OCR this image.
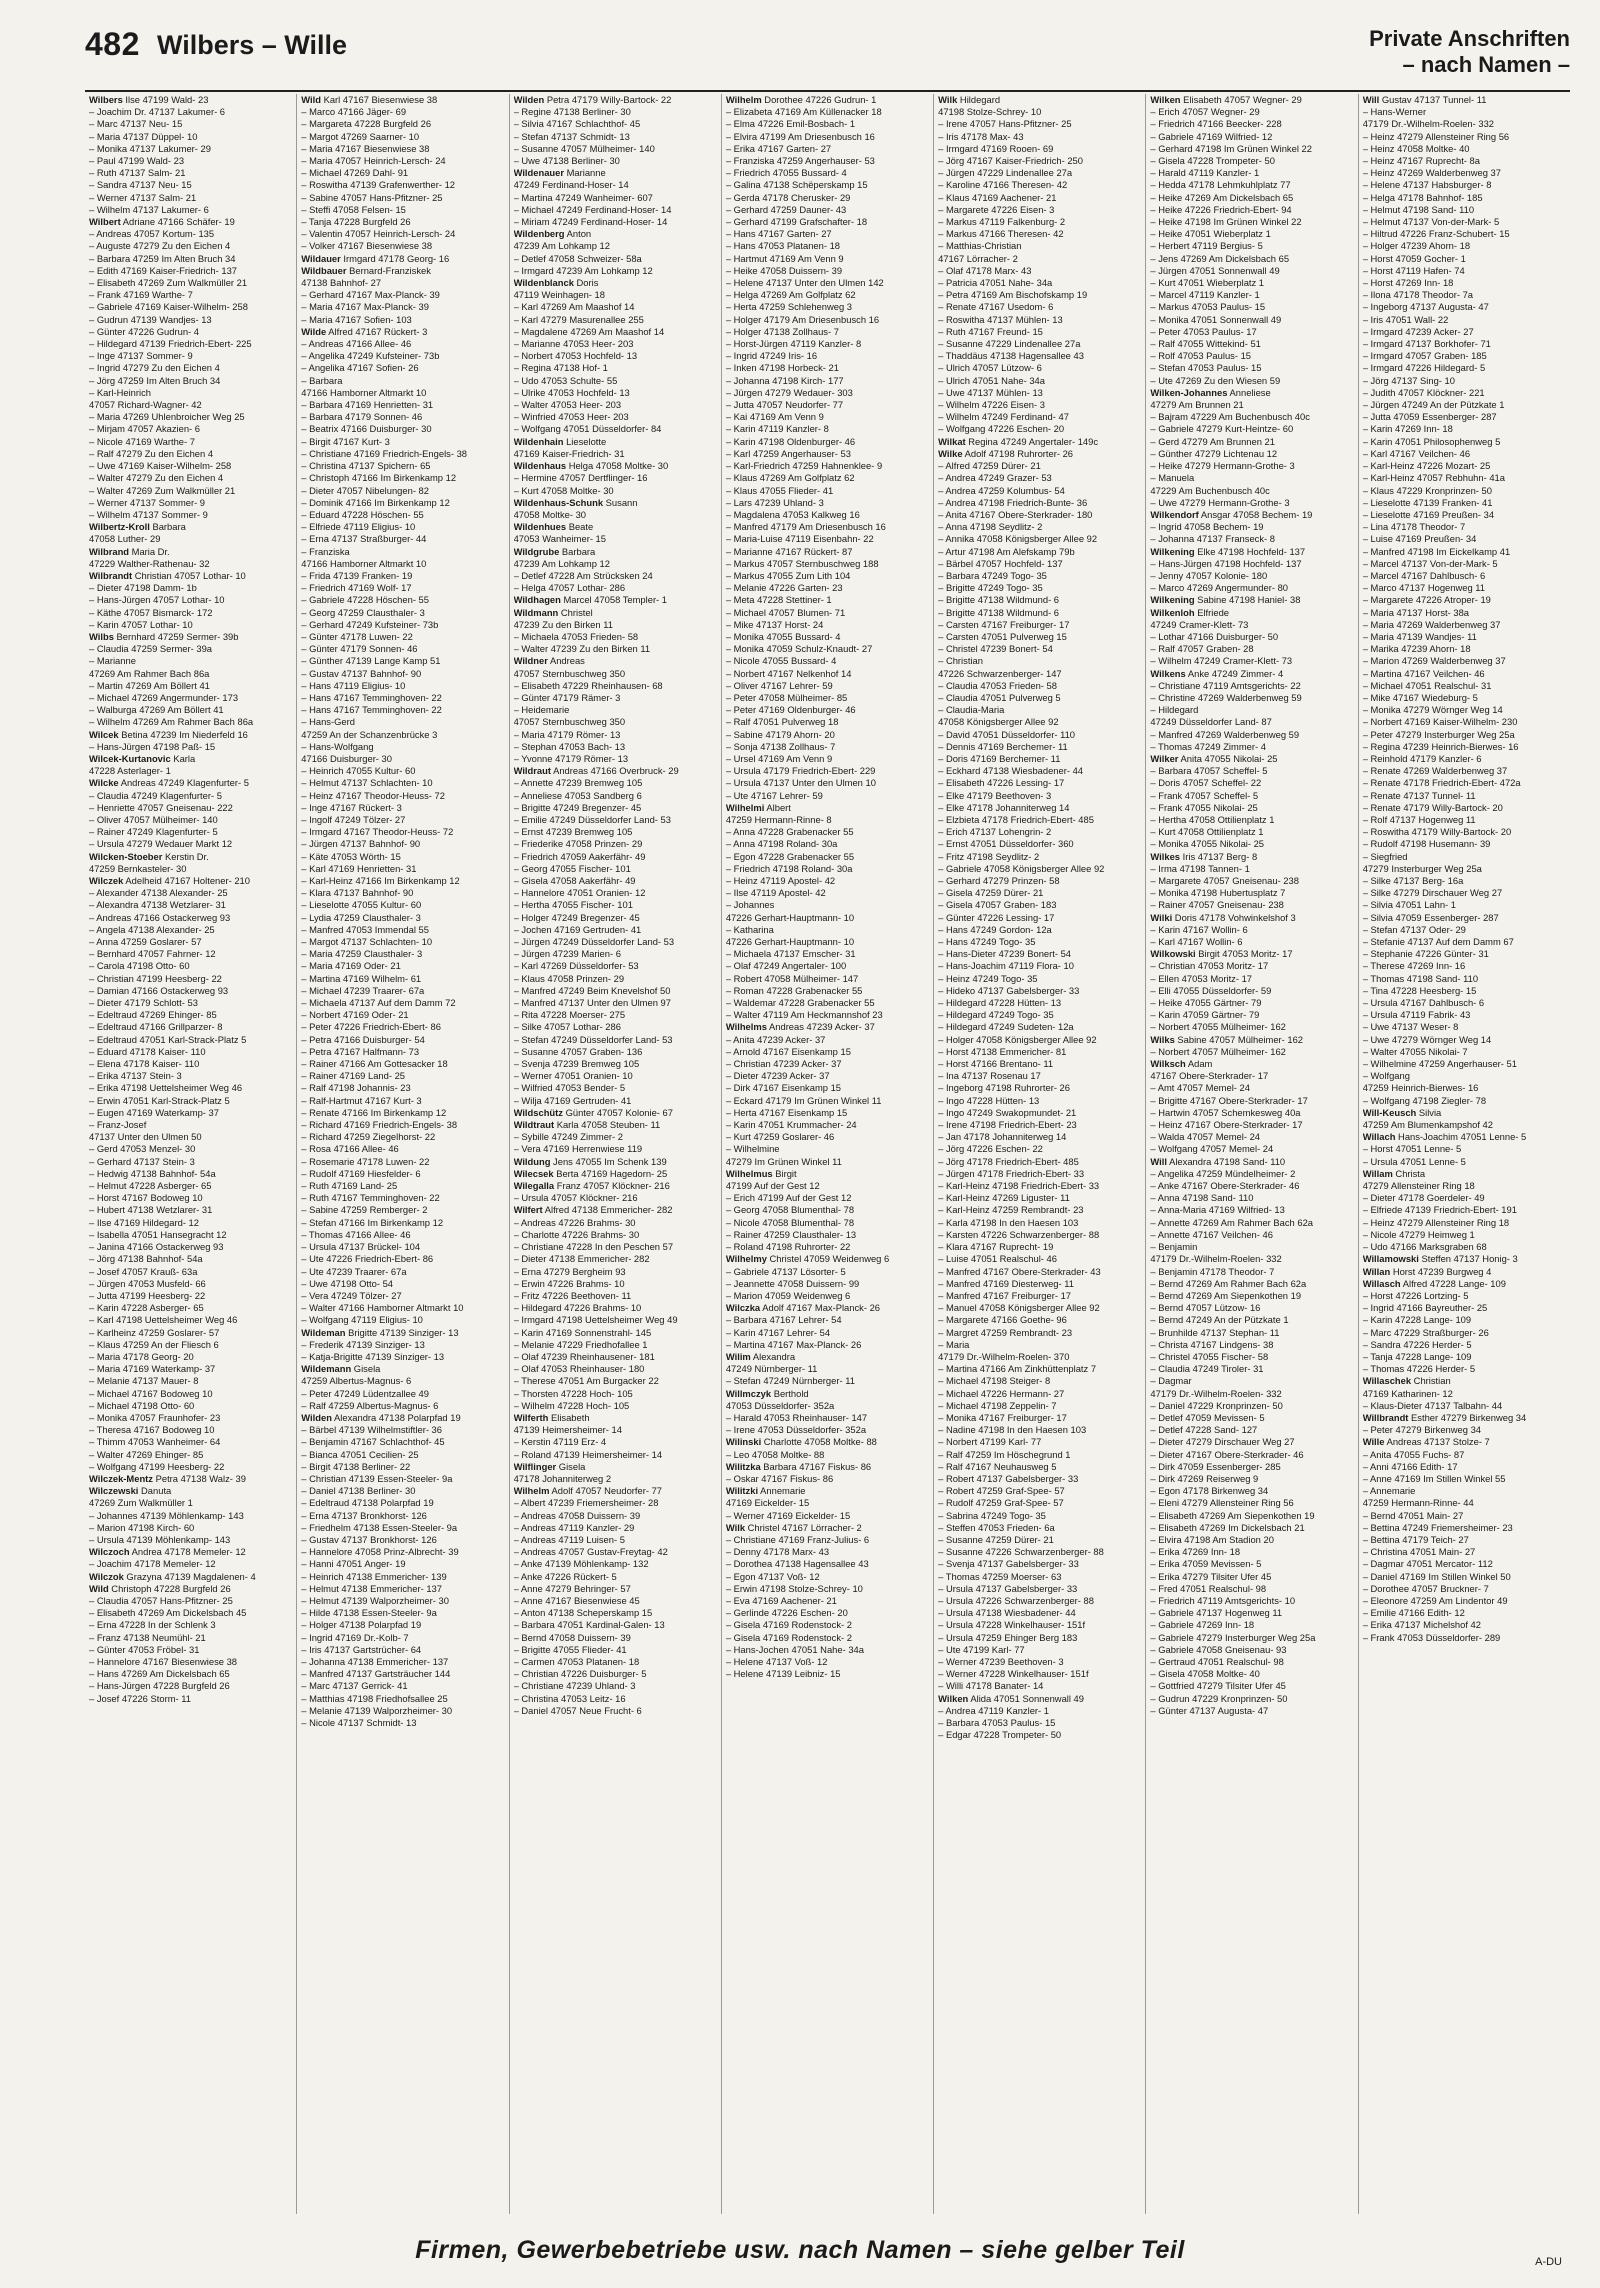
482 Wilbers – Wille	Private Anschriften
– nach Namen –
Wilbers Ilse 47199 Wald- 23
– Joachim Dr. 47137 Lakumer- 6
– Marc 47137 Neu- 15
– Maria 47137 Düppel- 10
– Monika 47137 Lakumer- 29
– Paul 47199 Wald- 23
– Ruth 47137 Salm- 21
– Sandra 47137 Neu- 15
– Werner 47137 Salm- 21
– Wilhelm 47137 Lakumer- 6
Wilbert Adriane 47166 Schäfer- 19
– Andreas 47057 Kortum- 135
– Auguste 47279 Zu den Eichen 4
– Barbara 47259 Im Alten Bruch 34
– Edith 47169 Kaiser-Friedrich- 137
– Elisabeth 47269 Zum Walkmüller 21
– Frank 47169 Warthe- 7
– Gabriele 47169 Kaiser-Wilhelm- 258
– Gudrun 47139 Wandjes- 13
– Günter 47226 Gudrun- 4
– Hildegard 47139 Friedrich-Ebert- 225
– Inge 47137 Sommer- 9
– Ingrid 47279 Zu den Eichen 4
– Jörg 47259 Im Alten Bruch 34
– Karl-Heinrich
47057 Richard-Wagner- 42
– Maria 47269 Uhlenbroicher Weg 25
– Mirjam 47057 Akazien- 6
– Nicole 47169 Warthe- 7
– Ralf 47279 Zu den Eichen 4
– Uwe 47169 Kaiser-Wilhelm- 258
– Walter 47279 Zu den Eichen 4
– Walter 47269 Zum Walkmüller 21
– Werner 47137 Sommer- 9
– Wilhelm 47137 Sommer- 9
Wilbertz-Kroll Barbara
47058 Luther- 29
Wilbrand Maria Dr.
47229 Walther-Rathenau- 32
Wilbrandt Christian 47057 Lothar- 10
– Dieter 47198 Damm- 1b
– Hans-Jürgen 47057 Lothar- 10
– Käthe 47057 Bismarck- 172
– Karin 47057 Lothar- 10
Wilbs Bernhard 47259 Sermer- 39b
– Claudia 47259 Sermer- 39a
– Marianne
47269 Am Rahmer Bach 86a
– Martin 47269 Am Böllert 41
– Michael 47269 Angermunder- 173
– Walburga 47269 Am Böllert 41
– Wilhelm 47269 Am Rahmer Bach 86a
Wilcek Betina 47239 Im Niederfeld 16
– Hans-Jürgen 47198 Paß- 15
Wilcek-Kurtanovic Karla
47228 Asterlager- 1
Wilcke Andreas 47249 Klagenfurter- 5
– Claudia 47249 Klagenfurter- 5
– Henriette 47057 Gneisenau- 222
– Oliver 47057 Mülheimer- 140
– Rainer 47249 Klagenfurter- 5
– Ursula 47279 Wedauer Markt 12
Wilcken-Stoeber Kerstin Dr.
47259 Bernkasteler- 30
Wilczek Adelheid 47167 Holtener- 210
– Alexander 47138 Alexander- 25
– Alexandra 47138 Wetzlarer- 31
– Andreas 47166 Ostackerweg 93
– Angela 47138 Alexander- 25
– Anna 47259 Goslarer- 57
– Bernhard 47057 Fahrner- 12
– Carola 47198 Otto- 60
– Christian 47199 Heesberg- 22
– Damian 47166 Ostackerweg 93
– Dieter 47179 Schlott- 53
– Edeltraud 47269 Ehinger- 85
– Edeltraud 47166 Grillparzer- 8
– Edeltraud 47051 Karl-Strack-Platz 5
– Eduard 47178 Kaiser- 110
– Elena 47178 Kaiser- 110
– Erika 47137 Stein- 3
– Erika 47198 Uettelsheimer Weg 46
– Erwin 47051 Karl-Strack-Platz 5
– Eugen 47169 Waterkamp- 37
– Franz-Josef
47137 Unter den Ulmen 50
– Gerd 47053 Menzel- 30
– Gerhard 47137 Stein- 3
– Hedwig 47138 Bahnhof- 54a
– Helmut 47228 Asberger- 65
– Horst 47167 Bodoweg 10
– Hubert 47138 Wetzlarer- 31
– Ilse 47169 Hildegard- 12
– Isabella 47051 Hansegracht 12
– Janina 47166 Ostackerweg 93
– Jörg 47138 Bahnhof- 54a
– Josef 47057 Krauß- 63a
– Jürgen 47053 Musfeld- 66
– Jutta 47199 Heesberg- 22
– Karin 47228 Asberger- 65
– Karl 47198 Uettelsheimer Weg 46
– Karlheinz 47259 Goslarer- 57
– Klaus 47259 An der Fliesch 6
– Maria 47178 Georg- 20
– Maria 47169 Waterkamp- 37
– Melanie 47137 Mauer- 8
– Michael 47167 Bodoweg 10
– Michael 47198 Otto- 60
– Monika 47057 Fraunhofer- 23
– Theresa 47167 Bodoweg 10
– Thimm 47053 Wanheimer- 64
– Walter 47269 Ehinger- 85
– Wolfgang 47199 Heesberg- 22
Wilczek-Mentz Petra 47138 Walz- 39
Wilczewski Danuta
47269 Zum Walkmüller 1
– Johannes 47139 Möhlenkamp- 143
– Marion 47198 Kirch- 60
– Ursula 47139 Möhlenkamp- 143
Wilczoch Andrea 47178 Memeler- 12
– Joachim 47178 Memeler- 12
Wilczok Grazyna 47139 Magdalenen- 4
Wild Christoph 47228 Burgfeld 26
– Claudia 47057 Hans-Pfitzner- 25
– Elisabeth 47269 Am Dickelsbach 45
– Erna 47228 In der Schlenk 3
– Franz 47138 Neumühl- 21
– Günter 47053 Fröbel- 31
– Hannelore 47167 Biesenwiese 38
– Hans 47269 Am Dickelsbach 65
– Hans-Jürgen 47228 Burgfeld 26
– Josef 47226 Storm- 11
Wild Karl 47167 Biesenwiese 38
– Marco 47166 Jäger- 69
– Margareta 47228 Burgfeld 26
– Margot 47269 Saarner- 10
– Maria 47167 Biesenwiese 38
– Maria 47057 Heinrich-Lersch- 24
– Michael 47269 Dahl- 91
– Roswitha 47139 Grafenwerther- 12
– Sabine 47057 Hans-Pfitzner- 25
– Steffi 47058 Felsen- 15
– Tanja 47228 Burgfeld 26
– Valentin 47057 Heinrich-Lersch- 24
– Volker 47167 Biesenwiese 38
Wildauer Irmgard 47178 Georg- 16
Wildbauer Bernard-Franziskek
47138 Bahnhof- 27
– Gerhard 47167 Max-Planck- 39
– Maria 47167 Max-Planck- 39
– Maria 47167 Sofien- 103
Wilde Alfred 47167 Rückert- 3
– Andreas 47166 Allee- 46
– Angelika 47249 Kufsteiner- 73b
– Angelika 47167 Sofien- 26
– Barbara
47166 Hamborner Altmarkt 10
– Barbara 47169 Henrietten- 31
– Barbara 47179 Sonnen- 46
– Beatrix 47166 Duisburger- 30
– Birgit 47167 Kurt- 3
– Christiane 47169 Friedrich-Engels- 38
– Christina 47137 Spichern- 65
– Christoph 47166 Im Birkenkamp 12
– Dieter 47057 Nibelungen- 82
– Dominik 47166 Im Birkenkamp 12
– Eduard 47228 Höschen- 55
– Elfriede 47119 Eligius- 10
– Erna 47137 Straßburger- 44
– Franziska
47166 Hamborner Altmarkt 10
– Frida 47139 Franken- 19
– Friedrich 47169 Wolf- 17
– Gabriele 47228 Höschen- 55
– Georg 47259 Clausthaler- 3
– Gerhard 47249 Kufsteiner- 73b
– Günter 47178 Luwen- 22
– Günter 47179 Sonnen- 46
– Günther 47139 Lange Kamp 51
– Gustav 47137 Bahnhof- 90
– Hans 47119 Eligius- 10
– Hans 47167 Temminghoven- 22
– Hans 47167 Temminghoven- 22
– Hans-Gerd
47259 An der Schanzenbrücke 3
– Hans-Wolfgang
47166 Duisburger- 30
– Heinrich 47055 Kultur- 60
– Helmut 47137 Schlachten- 10
– Heinz 47167 Theodor-Heuss- 72
– Inge 47167 Rückert- 3
– Ingolf 47249 Tölzer- 27
– Irmgard 47167 Theodor-Heuss- 72
– Jürgen 47137 Bahnhof- 90
– Käte 47053 Wörth- 15
– Karl 47169 Henrietten- 31
– Karl-Heinz 47166 Im Birkenkamp 12
– Klara 47137 Bahnhof- 90
– Lieselotte 47055 Kultur- 60
– Lydia 47259 Clausthaler- 3
– Manfred 47053 Immendal 55
– Margot 47137 Schlachten- 10
– Maria 47259 Clausthaler- 3
– Maria 47169 Oder- 21
– Martina 47169 Wilhelm- 61
– Michael 47239 Traarer- 67a
– Michaela 47137 Auf dem Damm 72
– Norbert 47169 Oder- 21
– Peter 47226 Friedrich-Ebert- 86
– Petra 47166 Duisburger- 54
– Petra 47167 Halfmann- 73
– Rainer 47166 Am Gottesacker 18
– Rainer 47169 Land- 25
– Ralf 47198 Johannis- 23
– Ralf-Hartmut 47167 Kurt- 3
– Renate 47166 Im Birkenkamp 12
– Richard 47169 Friedrich-Engels- 38
– Richard 47259 Ziegelhorst- 22
– Rosa 47166 Allee- 46
– Rosemarie 47178 Luwen- 22
– Rudolf 47169 Hiesfelder- 6
– Ruth 47169 Land- 25
– Ruth 47167 Temminghoven- 22
– Sabine 47259 Remberger- 2
– Stefan 47166 Im Birkenkamp 12
– Thomas 47166 Allee- 46
– Ursula 47137 Brückel- 104
– Ute 47226 Friedrich-Ebert- 86
– Ute 47239 Traarer- 67a
– Uwe 47198 Otto- 54
– Vera 47249 Tölzer- 27
– Walter 47166 Hamborner Altmarkt 10
– Wolfgang 47119 Eligius- 10
Wildeman Brigitte 47139 Sinziger- 13
– Frederik 47139 Sinziger- 13
– Katja-Brigitte 47139 Sinziger- 13
Wildemann Gisela
47259 Albertus-Magnus- 6
– Peter 47249 Lüdentzallee 49
– Ralf 47259 Albertus-Magnus- 6
Wilden Alexandra 47138 Polarpfad 19
– Bärbel 47139 Wilhelmstiftler- 36
– Benjamin 47167 Schlachthof- 45
– Bianca 47051 Cecilien- 25
– Birgit 47138 Berliner- 22
– Christian 47139 Essen-Steeler- 9a
– Daniel 47138 Berliner- 30
– Edeltraud 47138 Polarpfad 19
– Erna 47137 Bronkhorst- 126
– Friedhelm 47138 Essen-Steeler- 9a
– Gustav 47137 Bronkhorst- 126
– Hannelore 47058 Prinz-Albrecht- 39
– Hanni 47051 Anger- 19
– Heinrich 47138 Emmericher- 139
– Helmut 47138 Emmericher- 137
– Helmut 47139 Walporzheimer- 30
– Hilde 47138 Essen-Steeler- 9a
– Holger 47138 Polarpfad 19
– Ingrid 47169 Dr.-Kolb- 7
– Iris 47137 Gartstrücher- 64
– Johanna 47138 Emmericher- 137
– Manfred 47137 Gartsträucher 144
– Marc 47137 Gerrick- 41
– Matthias 47198 Friedhofsallee 25
– Melanie 47139 Walporzheimer- 30
– Nicole 47137 Schmidt- 13
Wilden Petra 47179 Willy-Bartock- 22
– Regine 47138 Berliner- 30
– Silvia 47167 Schlachthof- 45
– Stefan 47137 Schmidt- 13
– Susanne 47057 Mülheimer- 140
– Uwe 47138 Berliner- 30
Wildenauer Marianne
47249 Ferdinand-Hoser- 14
– Martina 47249 Wanheimer- 607
– Michael 47249 Ferdinand-Hoser- 14
– Miriam 47249 Ferdinand-Hoser- 14
Wildenberg Anton
47239 Am Lohkamp 12
– Detlef 47058 Schweizer- 58a
– Irmgard 47239 Am Lohkamp 12
Wildenblanck Doris
47119 Weinhagen- 18
– Karl 47269 Am Maashof 14
– Karl 47279 Masurenallee 255
– Magdalene 47269 Am Maashof 14
– Marianne 47053 Heer- 203
– Norbert 47053 Hochfeld- 13
– Regina 47138 Hof- 1
– Udo 47053 Schulte- 55
– Ulrike 47053 Hochfeld- 13
– Walter 47053 Heer- 203
– Winfried 47053 Heer- 203
– Wolfgang 47051 Düsseldorfer- 84
Wildenhain Lieselotte
47169 Kaiser-Friedrich- 31
Wildenhaus Helga 47058 Moltke- 30
– Hermine 47057 Dertflinger- 16
– Kurt 47058 Moltke- 30
Wildenhaus-Schunk Susann
47058 Moltke- 30
Wildenhues Beate
47053 Wanheimer- 15
Wildgrube Barbara
47239 Am Lohkamp 12
– Detlef 47228 Am Strücksken 24
– Helga 47057 Lothar- 286
Wildhagen Marcel 47058 Templer- 1
Wildmann Christel
47239 Zu den Birken 11
– Michaela 47053 Frieden- 58
– Walter 47239 Zu den Birken 11
Wildner Andreas
47057 Sternbuschweg 350
– Elisabeth 47229 Rheinhausen- 68
– Günter 47179 Rämer- 3
– Heidemarie
47057 Sternbuschweg 350
– Maria 47179 Römer- 13
– Stephan 47053 Bach- 13
– Yvonne 47179 Römer- 13
Wildraut Andreas 47166 Overbruck- 29
– Annette 47239 Bremweg 105
– Anneliese 47053 Sandberg 6
– Brigitte 47249 Bregenzer- 45
– Emilie 47249 Düsseldorfer Land- 53
– Ernst 47239 Bremweg 105
– Friederike 47058 Prinzen- 29
– Friedrich 47059 Aakerfähr- 49
– Georg 47055 Fischer- 101
– Gisela 47058 Aakerfähr- 49
– Hannelore 47051 Oranien- 12
– Hertha 47055 Fischer- 101
– Holger 47249 Bregenzer- 45
– Jochen 47169 Gertruden- 41
– Jürgen 47249 Düsseldorfer Land- 53
– Jürgen 47239 Marien- 6
– Karl 47269 Düsseldorfer- 53
– Klaus 47058 Prinzen- 29
– Manfred 47249 Beim Knevelshof 50
– Manfred 47137 Unter den Ulmen 97
– Rita 47228 Moerser- 275
– Silke 47057 Lothar- 286
– Stefan 47249 Düsseldorfer Land- 53
– Susanne 47057 Graben- 136
– Svenja 47239 Bremweg 105
– Werner 47051 Oranien- 10
– Wilfried 47053 Bender- 5
– Wilja 47169 Gertruden- 41
Wildschütz Günter 47057 Kolonie- 67
Wildtraut Karla 47058 Steuben- 11
– Sybille 47249 Zimmer- 2
– Vera 47169 Herrenwiese 119
Wildung Jens 47055 Im Schenk 139
Wilecsek Berta 47169 Hagedorn- 25
Wilegalla Franz 47057 Klöckner- 216
– Ursula 47057 Klöckner- 216
Wilfert Alfred 47138 Emmericher- 282
– Andreas 47226 Brahms- 30
– Charlotte 47226 Brahms- 30
– Christiane 47228 In den Peschen 57
– Dieter 47138 Emmericher- 282
– Erna 47279 Bergheim 93
– Erwin 47226 Brahms- 10
– Fritz 47226 Beethoven- 11
– Hildegard 47226 Brahms- 10
– Irmgard 47198 Uettelsheimer Weg 49
– Karin 47169 Sonnenstrahl- 145
– Melanie 47229 Friedhofallee 1
– Olaf 47239 Rheinhausener- 181
– Olaf 47053 Rheinhauser- 180
– Therese 47051 Am Burgacker 22
– Thorsten 47228 Hoch- 105
– Wilhelm 47228 Hoch- 105
Wilferth Elisabeth
47139 Heimersheimer- 14
– Kerstin 47119 Erz- 4
– Roland 47139 Heimersheimer- 14
Wilflinger Gisela
47178 Johanniterweg 2
Wilhelm Adolf 47057 Neudorfer- 77
– Albert 47239 Friemersheimer- 28
– Andreas 47058 Duissern- 39
– Andreas 47119 Kanzler- 29
– Andreas 47119 Luisen- 5
– Andreas 47057 Gustav-Freytag- 42
– Anke 47139 Möhlenkamp- 132
– Anke 47226 Rückert- 5
– Anne 47279 Behringer- 57
– Anne 47167 Biesenwiese 45
– Anton 47138 Scheperskamp 15
– Barbara 47051 Kardinal-Galen- 13
– Bernd 47058 Duissern- 39
– Brigitte 47055 Flieder- 41
– Carmen 47053 Platanen- 18
– Christian 47226 Duisburger- 5
– Christiane 47239 Uhland- 3
– Christina 47053 Leitz- 16
– Daniel 47057 Neue Frucht- 6
Wilhelm Dorothee 47226 Gudrun- 1
– Elizabeta 47169 Am Küllenacker 18
– Elma 47226 Emil-Bosbach- 1
– Elvira 47199 Am Driesenbusch 16
– Erika 47167 Garten- 27
– Franziska 47259 Angerhauser- 53
– Friedrich 47055 Bussard- 4
– Galina 47138 Schëperskamp 15
– Gerda 47178 Cherusker- 29
– Gerhard 47259 Dauner- 43
– Gerhard 47199 Grafschafter- 18
– Hans 47167 Garten- 27
– Hans 47053 Platanen- 18
– Hartmut 47169 Am Venn 9
– Heike 47058 Duissern- 39
– Helene 47137 Unter den Ulmen 142
– Helga 47269 Am Golfplatz 62
– Herta 47259 Schlehenweg 3
– Holger 47179 Am Driesenbusch 16
– Holger 47138 Zollhaus- 7
– Horst-Jürgen 47119 Kanzler- 8
– Ingrid 47249 Iris- 16
– Inken 47198 Horbeck- 21
– Johanna 47198 Kirch- 177
– Jürgen 47279 Wedauer- 303
– Jutta 47057 Neudorfer- 77
– Kai 47169 Am Venn 9
– Karin 47119 Kanzler- 8
– Karin 47198 Oldenburger- 46
– Karl 47259 Angerhauser- 53
– Karl-Friedrich 47259 Hahnenklee- 9
– Klaus 47269 Am Golfplatz 62
– Klaus 47055 Flieder- 41
– Lars 47239 Uhland- 3
– Magdalena 47053 Kalkweg 16
– Manfred 47179 Am Driesenbusch 16
– Maria-Luise 47119 Eisenbahn- 22
– Marianne 47167 Rückert- 87
– Markus 47057 Sternbuschweg 188
– Markus 47055 Zum Lith 104
– Melanie 47226 Garten- 23
– Meta 47228 Stettiner- 1
– Michael 47057 Blumen- 71
– Mike 47137 Horst- 24
– Monika 47055 Bussard- 4
– Monika 47059 Schulz-Knaudt- 27
– Nicole 47055 Bussard- 4
– Norbert 47167 Nelkenhof 14
– Oliver 47167 Lehrer- 59
– Peter 47058 Mülheimer- 85
– Peter 47169 Oldenburger- 46
– Ralf 47051 Pulverweg 18
– Sabine 47179 Ahorn- 20
– Sonja 47138 Zollhaus- 7
– Ursel 47169 Am Venn 9
– Ursula 47179 Friedrich-Ebert- 229
– Ursula 47137 Unter den Ulmen 10
– Ute 47167 Lehrer- 59
Wilhelmi Albert
47259 Hermann-Rinne- 8
– Anna 47228 Grabenacker 55
– Anna 47198 Roland- 30a
– Egon 47228 Grabenacker 55
– Friedrich 47198 Roland- 30a
– Heinz 47119 Apostel- 42
– Ilse 47119 Apostel- 42
– Johannes
47226 Gerhart-Hauptmann- 10
– Katharina
47226 Gerhart-Hauptmann- 10
– Michaela 47137 Emscher- 31
– Olaf 47249 Angertaler- 100
– Robert 47058 Mülheimer- 147
– Roman 47228 Grabenacker 55
– Waldemar 47228 Grabenacker 55
– Walter 47119 Am Heckmannshof 23
Wilhelms Andreas 47239 Acker- 37
– Anita 47239 Acker- 37
– Arnold 47167 Eisenkamp 15
– Christian 47239 Acker- 37
– Dieter 47239 Acker- 37
– Dirk 47167 Eisenkamp 15
– Eckard 47179 Im Grünen Winkel 11
– Herta 47167 Eisenkamp 15
– Karin 47051 Krummacher- 24
– Kurt 47259 Goslarer- 46
– Wilhelmine
47279 Im Grünen Winkel 11
Wilhelmus Birgit
47199 Auf der Gest 12
– Erich 47199 Auf der Gest 12
– Georg 47058 Blumenthal- 78
– Nicole 47058 Blumenthal- 78
– Rainer 47259 Clausthaler- 13
– Roland 47198 Ruhrorter- 22
Wilhelmy Christel 47059 Weidenweg 6
– Gabriele 47137 Lösorter- 5
– Jeannette 47058 Duissern- 99
– Marion 47059 Weidenweg 6
Wilczka Adolf 47167 Max-Planck- 26
– Barbara 47167 Lehrer- 54
– Karin 47167 Lehrer- 54
– Martina 47167 Max-Planck- 26
Wilim Alexandra
47249 Nürnberger- 11
– Stefan 47249 Nürnberger- 11
Willmczyk Berthold
47053 Düsseldorfer- 352a
– Harald 47053 Rheinhauser- 147
– Irene 47053 Düsseldorfer- 352a
Wilinski Charlotte 47058 Moltke- 88
– Leo 47058 Moltke- 88
Wilitzka Barbara 47167 Fiskus- 86
– Oskar 47167 Fiskus- 86
Wilitzki Annemarie
47169 Eickelder- 15
– Werner 47169 Eickelder- 15
Wilk Christel 47167 Lörracher- 2
– Christiane 47169 Franz-Julius- 6
– Denny 47178 Marx- 43
– Dorothea 47138 Hagensallee 43
– Egon 47137 Voß- 12
– Erwin 47198 Stolze-Schrey- 10
– Eva 47169 Aachener- 21
– Gerlinde 47226 Eschen- 20
– Gisela 47169 Rodenstock- 2
– Gisela 47169 Rodenstock- 2
– Hans-Jochen 47051 Nahe- 34a
– Helene 47137 Voß- 12
– Helene 47139 Leibniz- 15
Wilk Hildegard
47198 Stolze-Schrey- 10
– Irene 47057 Hans-Pfitzner- 25
– Iris 47178 Max- 43
– Irmgard 47169 Rooen- 69
– Jörg 47167 Kaiser-Friedrich- 250
– Jürgen 47229 Lindenallee 27a
– Karoline 47166 Theresen- 42
– Klaus 47169 Aachener- 21
– Margarete 47226 Eisen- 3
– Markus 47119 Falkenburg- 2
– Markus 47166 Theresen- 42
– Matthias-Christian
47167 Lörracher- 2
– Olaf 47178 Marx- 43
– Patricia 47051 Nahe- 34a
– Petra 47169 Am Bischofskamp 19
– Renate 47167 Usedom- 6
– Roswitha 47137 Mühlen- 13
– Ruth 47167 Freund- 15
– Susanne 47229 Lindenallee 27a
– Thaddäus 47138 Hagensallee 43
– Ulrich 47057 Lützow- 6
– Ulrich 47051 Nahe- 34a
– Uwe 47137 Mühlen- 13
– Wilhelm 47226 Eisen- 3
– Wilhelm 47249 Ferdinand- 47
– Wolfgang 47226 Eschen- 20
Wilkat Regina 47249 Angertaler- 149c
Wilke Adolf 47198 Ruhrorter- 26
– Alfred 47259 Dürer- 21
– Andrea 47249 Grazer- 53
– Andrea 47259 Kolumbus- 54
– Andrea 47198 Friedrich-Bunte- 36
– Anita 47167 Obere-Sterkrader- 180
– Anna 47198 Seydlitz- 2
– Annika 47058 Königsberger Allee 92
– Artur 47198 Am Alefskamp 79b
– Bärbel 47057 Hochfeld- 137
– Barbara 47249 Togo- 35
– Brigitte 47249 Togo- 35
– Brigitte 47138 Wildmund- 6
– Brigitte 47138 Wildmund- 6
– Carsten 47167 Freiburger- 17
– Carsten 47051 Pulverweg 15
– Christel 47239 Bonert- 54
– Christian
47226 Schwarzenberger- 147
– Claudia 47053 Frieden- 58
– Claudia 47051 Pulverweg 5
– Claudia-Maria
47058 Königsberger Allee 92
– David 47051 Düsseldorfer- 110
– Dennis 47169 Berchemer- 11
– Doris 47169 Berchemer- 11
– Eckhard 47138 Wiesbadener- 44
– Elisabeth 47226 Lessing- 17
– Elke 47179 Beethoven- 3
– Elke 47178 Johanniterweg 14
– Elzbieta 47178 Friedrich-Ebert- 485
– Erich 47137 Lohengrin- 2
– Ernst 47051 Düsseldorfer- 360
– Fritz 47198 Seydlitz- 2
– Gabriele 47058 Königsberger Allee 92
– Gerhard 47279 Prinzen- 58
– Gisela 47259 Dürer- 21
– Gisela 47057 Graben- 183
– Günter 47226 Lessing- 17
– Hans 47249 Gordon- 12a
– Hans 47249 Togo- 35
– Hans-Dieter 47239 Bonert- 54
– Hans-Joachim 47119 Flora- 10
– Heinz 47249 Togo- 35
– Hideko 47137 Gabelsberger- 33
– Hildegard 47228 Hütten- 13
– Hildegard 47249 Togo- 35
– Hildegard 47249 Sudeten- 12a
– Holger 47058 Königsberger Allee 92
– Horst 47138 Emmericher- 81
– Horst 47166 Brentano- 11
– Ina 47137 Rosenau 17
– Ingeborg 47198 Ruhrorter- 26
– Ingo 47228 Hütten- 13
– Ingo 47249 Swakopmundet- 21
– Irene 47198 Friedrich-Ebert- 23
– Jan 47178 Johanniterweg 14
– Jörg 47226 Eschen- 22
– Jörg 47178 Friedrich-Ebert- 485
– Jürgen 47178 Friedrich-Ebert- 33
– Karl-Heinz 47198 Friedrich-Ebert- 33
– Karl-Heinz 47269 Liguster- 11
– Karl-Heinz 47259 Rembrandt- 23
– Karla 47198 In den Haesen 103
– Karsten 47226 Schwarzenberger- 88
– Klara 47167 Ruprecht- 19
– Luise 47051 Realschul- 46
– Manfred 47167 Obere-Sterkrader- 43
– Manfred 47169 Diesterweg- 11
– Manfred 47167 Freiburger- 17
– Manuel 47058 Königsberger Allee 92
– Margarete 47166 Goethe- 96
– Margret 47259 Rembrandt- 23
– Maria
47179 Dr.-Wilhelm-Roelen- 370
– Martina 47166 Am Zinkhüttenplatz 7
– Michael 47198 Steiger- 8
– Michael 47226 Hermann- 27
– Michael 47198 Zeppelin- 7
– Monika 47167 Freiburger- 17
– Nadine 47198 In den Haesen 103
– Norbert 47199 Karl- 77
– Ralf 47259 Im Höschegrund 1
– Ralf 47167 Neuhausweg 5
– Robert 47137 Gabelsberger- 33
– Robert 47259 Graf-Spee- 57
– Rudolf 47259 Graf-Spee- 57
– Sabrina 47249 Togo- 35
– Steffen 47053 Frieden- 6a
– Susanne 47259 Dürer- 21
– Susanne 47226 Schwarzenberger- 88
– Svenja 47137 Gabelsberger- 33
– Thomas 47259 Moerser- 63
– Ursula 47137 Gabelsberger- 33
– Ursula 47226 Schwarzenberger- 88
– Ursula 47138 Wiesbadener- 44
– Ursula 47228 Winkelhauser- 151f
– Ursula 47259 Ehinger Berg 183
– Ute 47199 Karl- 77
– Werner 47239 Beethoven- 3
– Werner 47228 Winkelhauser- 151f
– Willi 47178 Banater- 14
Wilken Alida 47051 Sonnenwall 49
– Andrea 47119 Kanzler- 1
– Barbara 47053 Paulus- 15
– Edgar 47228 Trompeter- 50
Wilken Elisabeth 47057 Wegner- 29
– Erich 47057 Wegner- 29
– Friedrich 47166 Beecker- 228
– Gabriele 47169 Wilfried- 12
– Gerhard 47198 Im Grünen Winkel 22
– Gisela 47228 Trompeter- 50
– Harald 47119 Kanzler- 1
– Hedda 47178 Lehmkuhlplatz 77
– Heike 47269 Am Dickelsbach 65
– Heike 47226 Friedrich-Ebert- 94
– Heike 47198 Im Grünen Winkel 22
– Heike 47051 Wieberplatz 1
– Herbert 47119 Bergius- 5
– Jens 47269 Am Dickelsbach 65
– Jürgen 47051 Sonnenwall 49
– Kurt 47051 Wieberplatz 1
– Marcel 47119 Kanzler- 1
– Markus 47053 Paulus- 15
– Monika 47051 Sonnenwall 49
– Peter 47053 Paulus- 17
– Ralf 47055 Wittekind- 51
– Rolf 47053 Paulus- 15
– Stefan 47053 Paulus- 15
– Ute 47269 Zu den Wiesen 59
Wilken-Johannes Anneliese
47279 Am Brunnen 21
– Bajram 47229 Am Buchenbusch 40c
– Gabriele 47279 Kurt-Heintze- 60
– Gerd 47279 Am Brunnen 21
– Günther 47279 Lichtenau 12
– Heike 47279 Hermann-Grothe- 3
– Manuela
47229 Am Buchenbusch 40c
– Uwe 47279 Hermann-Grothe- 3
Wilkendorf Ansgar 47058 Bechem- 19
– Ingrid 47058 Bechem- 19
– Johanna 47137 Franseck- 8
Wilkening Elke 47198 Hochfeld- 137
– Hans-Jürgen 47198 Hochfeld- 137
– Jenny 47057 Kolonie- 180
– Marco 47269 Angermunder- 80
Wilkening Sabine 47198 Haniel- 38
Wilkenloh Elfriede
47249 Cramer-Klett- 73
– Lothar 47166 Duisburger- 50
– Ralf 47057 Graben- 28
– Wilhelm 47249 Cramer-Klett- 73
Wilkens Anke 47249 Zimmer- 4
– Christiane 47119 Amtsgerichts- 22
– Christine 47269 Walderbenweg 59
– Hildegard
47249 Düsseldorfer Land- 87
– Manfred 47269 Walderbenweg 59
– Thomas 47249 Zimmer- 4
Wilker Anita 47055 Nikolai- 25
– Barbara 47057 Scheffel- 5
– Doris 47057 Scheffel- 22
– Frank 47057 Scheffel- 5
– Frank 47055 Nikolai- 25
– Hertha 47058 Ottilienplatz 1
– Kurt 47058 Ottilienplatz 1
– Monika 47055 Nikolai- 25
Wilkes Iris 47137 Berg- 8
– Irma 47198 Tannen- 1
– Margarete 47057 Gneisenau- 238
– Monika 47198 Hubertusplatz 7
– Rainer 47057 Gneisenau- 238
Wilki Doris 47178 Vohwinkelshof 3
– Karin 47167 Wollin- 6
– Karl 47167 Wollin- 6
Wilkowski Birgit 47053 Moritz- 17
– Christian 47053 Moritz- 17
– Ellen 47053 Moritz- 17
– Elli 47055 Düsseldorfer- 59
– Heike 47055 Gärtner- 79
– Karin 47059 Gärtner- 79
– Norbert 47055 Mülheimer- 162
Wilks Sabine 47057 Mülheimer- 162
– Norbert 47057 Mülheimer- 162
Wilksch Adam
47167 Obere-Sterkrader- 17
– Amt 47057 Memel- 24
– Brigitte 47167 Obere-Sterkrader- 17
– Hartwin 47057 Schemkesweg 40a
– Heinz 47167 Obere-Sterkrader- 17
– Walda 47057 Memel- 24
– Wolfgang 47057 Memel- 24
Will Alexandra 47198 Sand- 110
– Angelika 47259 Mündelheimer- 2
– Anke 47167 Obere-Sterkrader- 46
– Anna 47198 Sand- 110
– Anna-Maria 47169 Wilfried- 13
– Annette 47269 Am Rahmer Bach 62a
– Annette 47167 Veilchen- 46
– Benjamin
47179 Dr.-Wilhelm-Roelen- 332
– Benjamin 47178 Theodor- 7
– Bernd 47269 Am Rahmer Bach 62a
– Bernd 47269 Am Siepenkothen 19
– Bernd 47057 Lützow- 16
– Bernd 47249 An der Pützkate 1
– Brunhilde 47137 Stephan- 11
– Christa 47167 Lindgens- 38
– Christel 47055 Fischer- 58
– Claudia 47249 Tiroler- 31
– Dagmar
47179 Dr.-Wilhelm-Roelen- 332
– Daniel 47229 Kronprinzen- 50
– Detlef 47059 Mevissen- 5
– Detlef 47228 Sand- 127
– Dieter 47279 Dirschauer Weg 27
– Dieter 47167 Obere-Sterkrader- 46
– Dirk 47059 Essenberger- 285
– Dirk 47269 Reiserweg 9
– Egon 47178 Birkenweg 34
– Eleni 47279 Allensteiner Ring 56
– Elisabeth 47269 Am Siepenkothen 19
– Elisabeth 47269 Im Dickelsbach 21
– Elvira 47198 Am Stadion 20
– Erika 47269 Inn- 18
– Erika 47059 Mevissen- 5
– Erika 47279 Tilsiter Ufer 45
– Fred 47051 Realschul- 98
– Friedrich 47119 Amtsgerichts- 10
– Gabriele 47137 Hogenweg 11
– Gabriele 47269 Inn- 18
– Gabriele 47279 Insterburger Weg 25a
– Gabriele 47058 Gneisenau- 93
– Gertraud 47051 Realschul- 98
– Gisela 47058 Moltke- 40
– Gottfried 47279 Tilsiter Ufer 45
– Gudrun 47229 Kronprinzen- 50
– Günter 47137 Augusta- 47
Will Gustav 47137 Tunnel- 11
– Hans-Werner
47179 Dr.-Wilhelm-Roelen- 332
– Heinz 47279 Allensteiner Ring 56
– Heinz 47058 Moltke- 40
– Heinz 47167 Ruprecht- 8a
– Heinz 47269 Walderbenweg 37
– Helene 47137 Habsburger- 8
– Helga 47178 Bahnhof- 185
– Helmut 47198 Sand- 110
– Helmut 47137 Von-der-Mark- 5
– Hiltrud 47226 Franz-Schubert- 15
– Holger 47239 Ahorn- 18
– Horst 47059 Gocher- 1
– Horst 47119 Hafen- 74
– Horst 47269 Inn- 18
– Ilona 47178 Theodor- 7a
– Ingeborg 47137 Augusta- 47
– Iris 47051 Wall- 22
– Irmgard 47239 Acker- 27
– Irmgard 47137 Borkhofer- 71
– Irmgard 47057 Graben- 185
– Irmgard 47226 Hildegard- 5
– Jörg 47137 Sing- 10
– Judith 47057 Klöckner- 221
– Jürgen 47249 An der Pützkate 1
– Jutta 47059 Essenberger- 287
– Karin 47269 Inn- 18
– Karin 47051 Philosophenweg 5
– Karl 47167 Veilchen- 46
– Karl-Heinz 47226 Mozart- 25
– Karl-Heinz 47057 Rebhuhn- 41a
– Klaus 47229 Kronprinzen- 50
– Lieselotte 47139 Franken- 41
– Lieselotte 47169 Preußen- 34
– Lina 47178 Theodor- 7
– Luise 47169 Preußen- 34
– Manfred 47198 Im Eickelkamp 41
– Marcel 47137 Von-der-Mark- 5
– Marcel 47167 Dahlbusch- 6
– Marco 47137 Hogenweg 11
– Margarete 47226 Atroper- 19
– Maria 47137 Horst- 38a
– Maria 47269 Walderbenweg 37
– Maria 47139 Wandjes- 11
– Marika 47239 Ahorn- 18
– Marion 47269 Walderbenweg 37
– Martina 47167 Veilchen- 46
– Michael 47051 Realschul- 31
– Mike 47167 Wiedeburg- 5
– Monika 47279 Wörnger Weg 14
– Norbert 47169 Kaiser-Wilhelm- 230
– Peter 47279 Insterburger Weg 25a
– Regina 47239 Heinrich-Bierwes- 16
– Reinhold 47179 Kanzler- 6
– Renate 47269 Walderbenweg 37
– Renate 47178 Friedrich-Ebert- 472a
– Renate 47137 Tunnel- 11
– Renate 47179 Willy-Bartock- 20
– Rolf 47137 Hogenweg 11
– Roswitha 47179 Willy-Bartock- 20
– Rudolf 47198 Husemann- 39
– Siegfried
47279 Insterburger Weg 25a
– Silke 47137 Berg- 16a
– Silke 47279 Dirschauer Weg 27
– Silvia 47051 Lahn- 1
– Silvia 47059 Essenberger- 287
– Stefan 47137 Oder- 29
– Stefanie 47137 Auf dem Damm 67
– Stephanie 47226 Günter- 31
– Therese 47269 Inn- 16
– Thomas 47198 Sand- 110
– Tina 47228 Heesberg- 15
– Ursula 47167 Dahlbusch- 6
– Ursula 47119 Fabrik- 43
– Uwe 47137 Weser- 8
– Uwe 47279 Wörnger Weg 14
– Walter 47055 Nikolai- 7
– Wilhelmine 47259 Angerhauser- 51
– Wolfgang
47259 Heinrich-Bierwes- 16
– Wolfgang 47198 Ziegler- 78
Will-Keusch Silvia
47259 Am Blumenkampshof 42
Willach Hans-Joachim 47051 Lenne- 5
– Horst 47051 Lenne- 5
– Ursula 47051 Lenne- 5
Willam Christa
47279 Allensteiner Ring 18
– Dieter 47178 Goerdeler- 49
– Elfriede 47139 Friedrich-Ebert- 191
– Heinz 47279 Allensteiner Ring 18
– Nicole 47279 Heimweg 1
– Udo 47166 Marksgraben 68
Willamowski Steffen 47137 Honig- 3
Willan Horst 47239 Burgweg 4
Willasch Alfred 47228 Lange- 109
– Horst 47226 Lortzing- 5
– Ingrid 47166 Bayreuther- 25
– Karin 47228 Lange- 109
– Marc 47229 Straßburger- 26
– Sandra 47226 Herder- 5
– Tanja 47228 Lange- 109
– Thomas 47226 Herder- 5
Willaschek Christian
47169 Katharinen- 12
– Klaus-Dieter 47137 Talbahn- 44
Willbrandt Esther 47279 Birkenweg 34
– Peter 47279 Birkenweg 34
Wille Andreas 47137 Stolze- 7
– Anita 47055 Fuchs- 87
– Anni 47166 Edith- 17
– Anne 47169 Im Stillen Winkel 55
– Annemarie
47259 Hermann-Rinne- 44
– Bernd 47051 Main- 27
– Bettina 47249 Friemersheimer- 23
– Bettina 47179 Teich- 27
– Christina 47051 Main- 27
– Dagmar 47051 Mercator- 112
– Daniel 47169 Im Stillen Winkel 50
– Dorothee 47057 Bruckner- 7
– Eleonore 47259 Am Lindentor 49
– Emilie 47166 Edith- 12
– Erika 47137 Michelshof 42
– Frank 47053 Düsseldorfer- 289
Firmen, Gewerbebetriebe usw. nach Namen – siehe gelber Teil	A-DU
